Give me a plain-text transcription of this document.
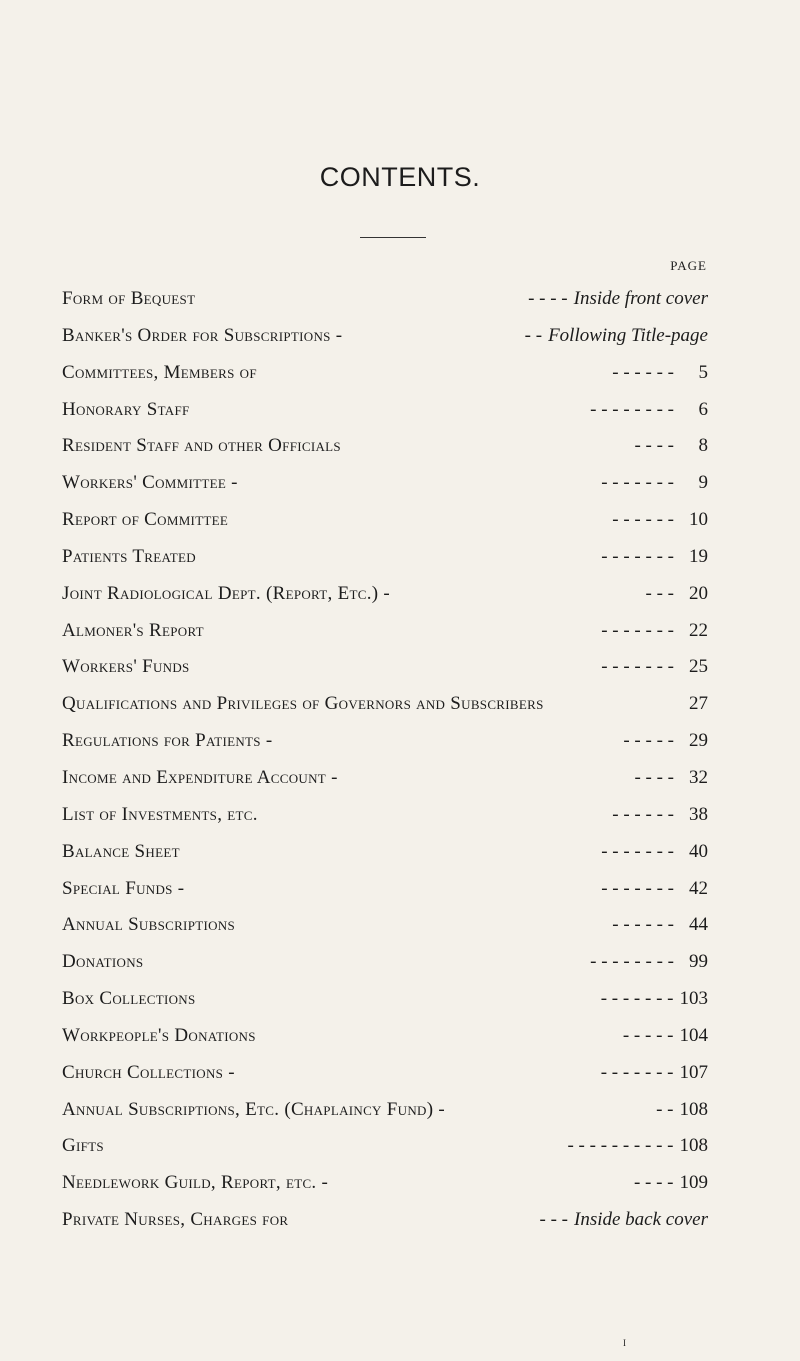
CONTENTS.
PAGE
Form of Bequest	- - - - Inside front cover
Banker's Order for Subscriptions -	- - Following Title-page
Committees, Members of	- - - - - -	5
Honorary Staff	- - - - - - - -	6
Resident Staff and other Officials	- - - -	8
Workers' Committee -	- - - - - - -	9
Report of Committee	- - - - - - 10
Patients Treated	- - - - - - - 19
Joint Radiological Dept. (Report, Etc.) -	- - - 20
Almoner's Report	- - - - - - - 22
Workers' Funds	- - - - - - - 25
Qualifications and Privileges of Governors and Subscribers	27
Regulations for Patients -	- - - - - 29
Income and Expenditure Account -	- - - - 32
List of Investments, etc.	- - - - - - 38
Balance Sheet	- - - - - - - 40
Special Funds -	- - - - - - - 42
Annual Subscriptions	- - - - - - 44
Donations	- - - - - - - - 99
Box Collections	- - - - - - - 103
Workpeople's Donations	- - - - - 104
Church Collections -	- - - - - - - 107
Annual Subscriptions, Etc. (Chaplaincy Fund) -	- - 108
Gifts	- - - - - - - - - - 108
Needlework Guild, Report, etc. -	- - - - 109
Private Nurses, Charges for	- - - Inside back cover
i
